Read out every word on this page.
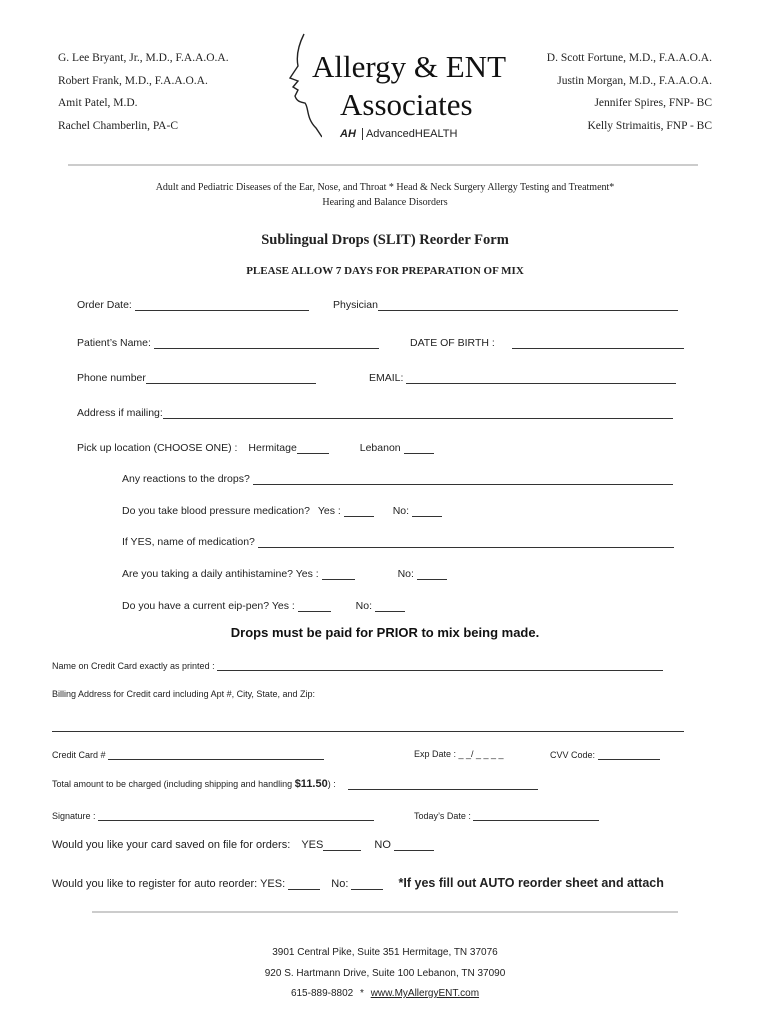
G. Lee Bryant, Jr., M.D., F.A.A.O.A.
Robert Frank, M.D., F.A.A.O.A.
Amit Patel, M.D.
Rachel Chamberlin, PA-C
D. Scott Fortune, M.D., F.A.A.O.A.
Justin Morgan, M.D., F.A.A.O.A.
Jennifer Spires, FNP- BC
Kelly Strimaitis, FNP - BC
Allergy & ENT
Associates
AH AdvancedHEALTH
Adult and Pediatric Diseases of the Ear, Nose, and Throat * Head & Neck Surgery Allergy Testing and Treatment*
Hearing and Balance Disorders
Sublingual Drops (SLIT) Reorder Form
PLEASE ALLOW 7 DAYS FOR PREPARATION OF MIX
Order Date:	Physician
Patient’s Name:	DATE OF BIRTH :
Phone number	EMAIL:
Address if mailing:
Pick up location (CHOOSE ONE) : Hermitage	Lebanon
Any reactions to the drops?
Do you take blood pressure medication? Yes :	No:
If YES, name of medication?
Are you taking a daily antihistamine? Yes :	No:
Do you have a current eip-pen? Yes :	No:
Drops must be paid for PRIOR to mix being made.
Name on Credit Card exactly as printed :
Billing Address for Credit card including Apt #, City, State, and Zip:
Credit Card #	Exp Date : _ _/ _ _ _ _	CVV Code:
Total amount to be charged (including shipping and handling $11.50) :
Signature :	Today’s Date :
Would you like your card saved on file for orders: YES	NO
Would you like to register for auto reorder: YES:	No:	*If yes fill out AUTO reorder sheet and attach
3901 Central Pike, Suite 351 Hermitage, TN 37076
920 S. Hartmann Drive, Suite 100 Lebanon, TN 37090
615-889-8802 * www.MyAllergyENT.com
